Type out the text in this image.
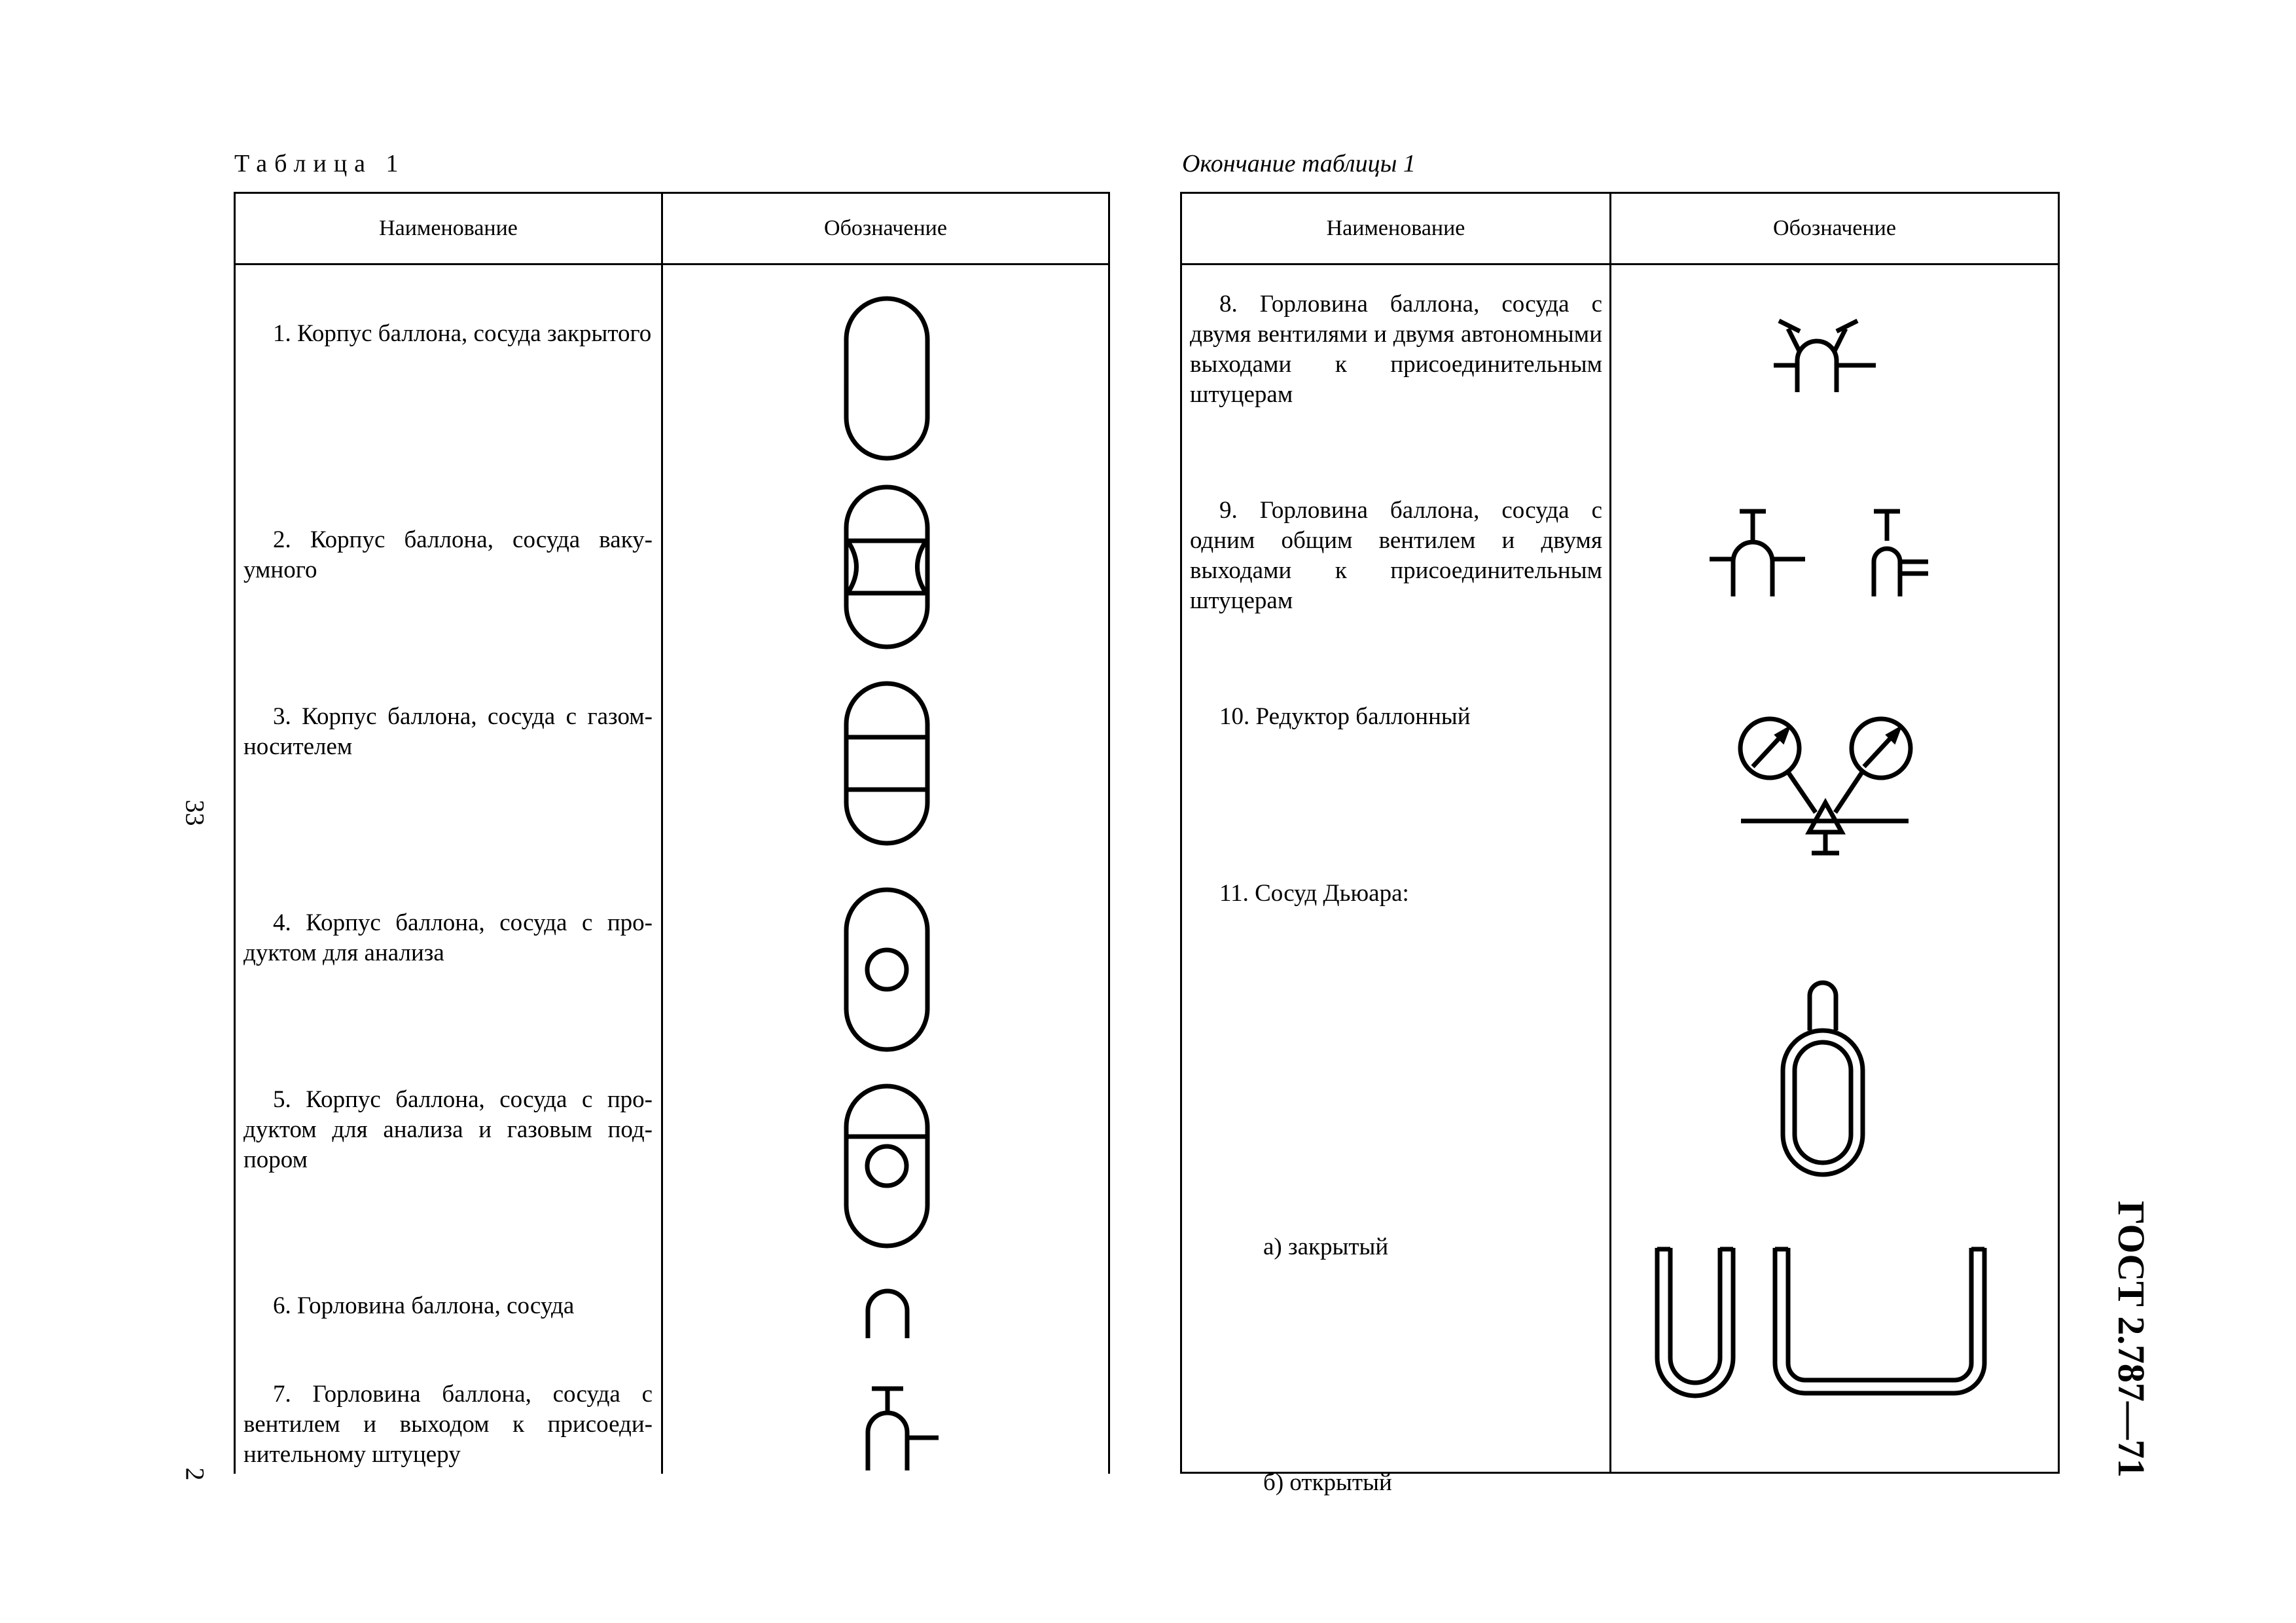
Таблица 1	Окончание таблицы 1
Наименование	Обозначение
1. Корпус баллона, сосуда закрытого
2. Корпус баллона, сосуда вакуумного
3. Корпус баллона, сосуда с газом-носителем
4. Корпус баллона, сосуда с продуктом для анализа
5. Корпус баллона, сосуда с продуктом для анализа и газовым подпором
6. Горловина баллона, сосуда
7. Горловина баллона, сосуда с вентилем и выходом к присоединительному штуцеру
Наименование	Обозначение
8. Горловина баллона, сосуда с двумя вентилями и двумя автономными выходами к присоединительным штуцерам
9. Горловина баллона, сосуда с одним общим вентилем и двумя выходами к присоединительным штуцерам
10. Редуктор баллонный
11. Сосуд Дьюара:
а) закрытый
б) открытый
33
2	ГОСТ 2.787—71
